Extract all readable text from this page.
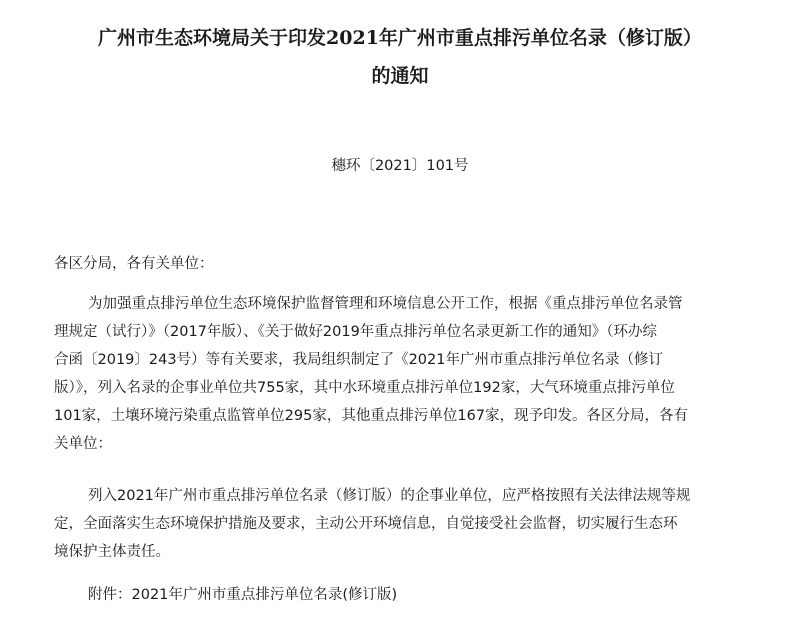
广州市生态环境局关于印发2021年广州市重点排污单位名录（修订版）
的通知
穗环〔2021〕101号
各区分局，各有关单位：

为加强重点排污单位生态环境保护监督管理和环境信息公开工作，根据《重点排污单位名录管
理规定（试行）》（2017年版）、《关于做好2019年重点排污单位名录更新工作的通知》（环办综
合函〔2019〕243号）等有关要求，我局组织制定了《2021年广州市重点排污单位名录（修订
版）》，列入名录的企事业单位共755家，其中水环境重点排污单位192家，大气环境重点排污单位
101家，土壤环境污染重点监管单位295家，其他重点排污单位167家，现予印发。各区分局，各有
关单位：

列入2021年广州市重点排污单位名录（修订版）的企事业单位，应严格按照有关法律法规等规
定，全面落实生态环境保护措施及要求，主动公开环境信息，自觉接受社会监督，切实履行生态环
境保护主体责任。

附件：2021年广州市重点排污单位名录(修订版)
